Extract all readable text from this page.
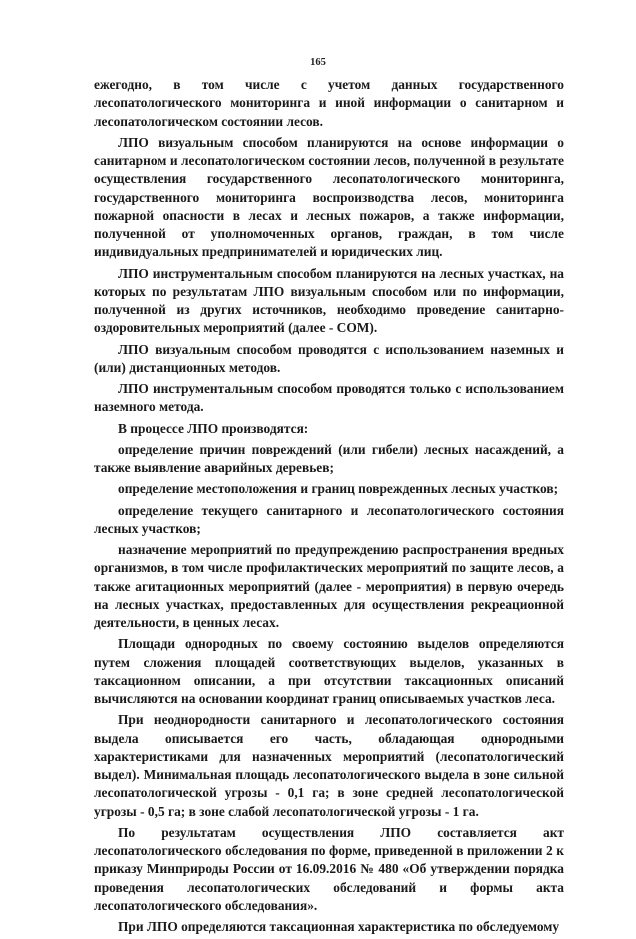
165

ежегодно, в том числе с учетом данных государственного лесопатологического мониторинга и иной информации о санитарном и лесопатологическом состоянии лесов.

ЛПО визуальным способом планируются на основе информации о санитарном и лесопатологическом состоянии лесов, полученной в результате осуществления государственного лесопатологического мониторинга, государственного мониторинга воспроизводства лесов, мониторинга пожарной опасности в лесах и лесных пожаров, а также информации, полученной от уполномоченных органов, граждан, в том числе индивидуальных предпринимателей и юридических лиц.

ЛПО инструментальным способом планируются на лесных участках, на которых по результатам ЛПО визуальным способом или по информации, полученной из других источников, необходимо проведение санитарно-оздоровительных мероприятий (далее - СОМ).

ЛПО визуальным способом проводятся с использованием наземных и (или) дистанционных методов.

ЛПО инструментальным способом проводятся только с использованием наземного метода.

В процессе ЛПО производятся:

определение причин повреждений (или гибели) лесных насаждений, а также выявление аварийных деревьев;

определение местоположения и границ поврежденных лесных участков;

определение текущего санитарного и лесопатологического состояния лесных участков;

назначение мероприятий по предупреждению распространения вредных организмов, в том числе профилактических мероприятий по защите лесов, а также агитационных мероприятий (далее - мероприятия) в первую очередь на лесных участках, предоставленных для осуществления рекреационной деятельности, в ценных лесах.

Площади однородных по своему состоянию выделов определяются путем сложения площадей соответствующих выделов, указанных в таксационном описании, а при отсутствии таксационных описаний вычисляются на основании координат границ описываемых участков леса.

При неоднородности санитарного и лесопатологического состояния выдела описывается его часть, обладающая однородными характеристиками для назначенных мероприятий (лесопатологический выдел). Минимальная площадь лесопатологического выдела в зоне сильной лесопатологической угрозы - 0,1 га; в зоне средней лесопатологической угрозы - 0,5 га; в зоне слабой лесопатологической угрозы - 1 га.

По результатам осуществления ЛПО составляется акт лесопатологического обследования по форме, приведенной в приложении 2 к приказу Минприроды России от 16.09.2016 № 480 «Об утверждении порядка проведения лесопатологических обследований и формы акта лесопатологического обследования».

При ЛПО определяются таксационная характеристика по обследуемому
